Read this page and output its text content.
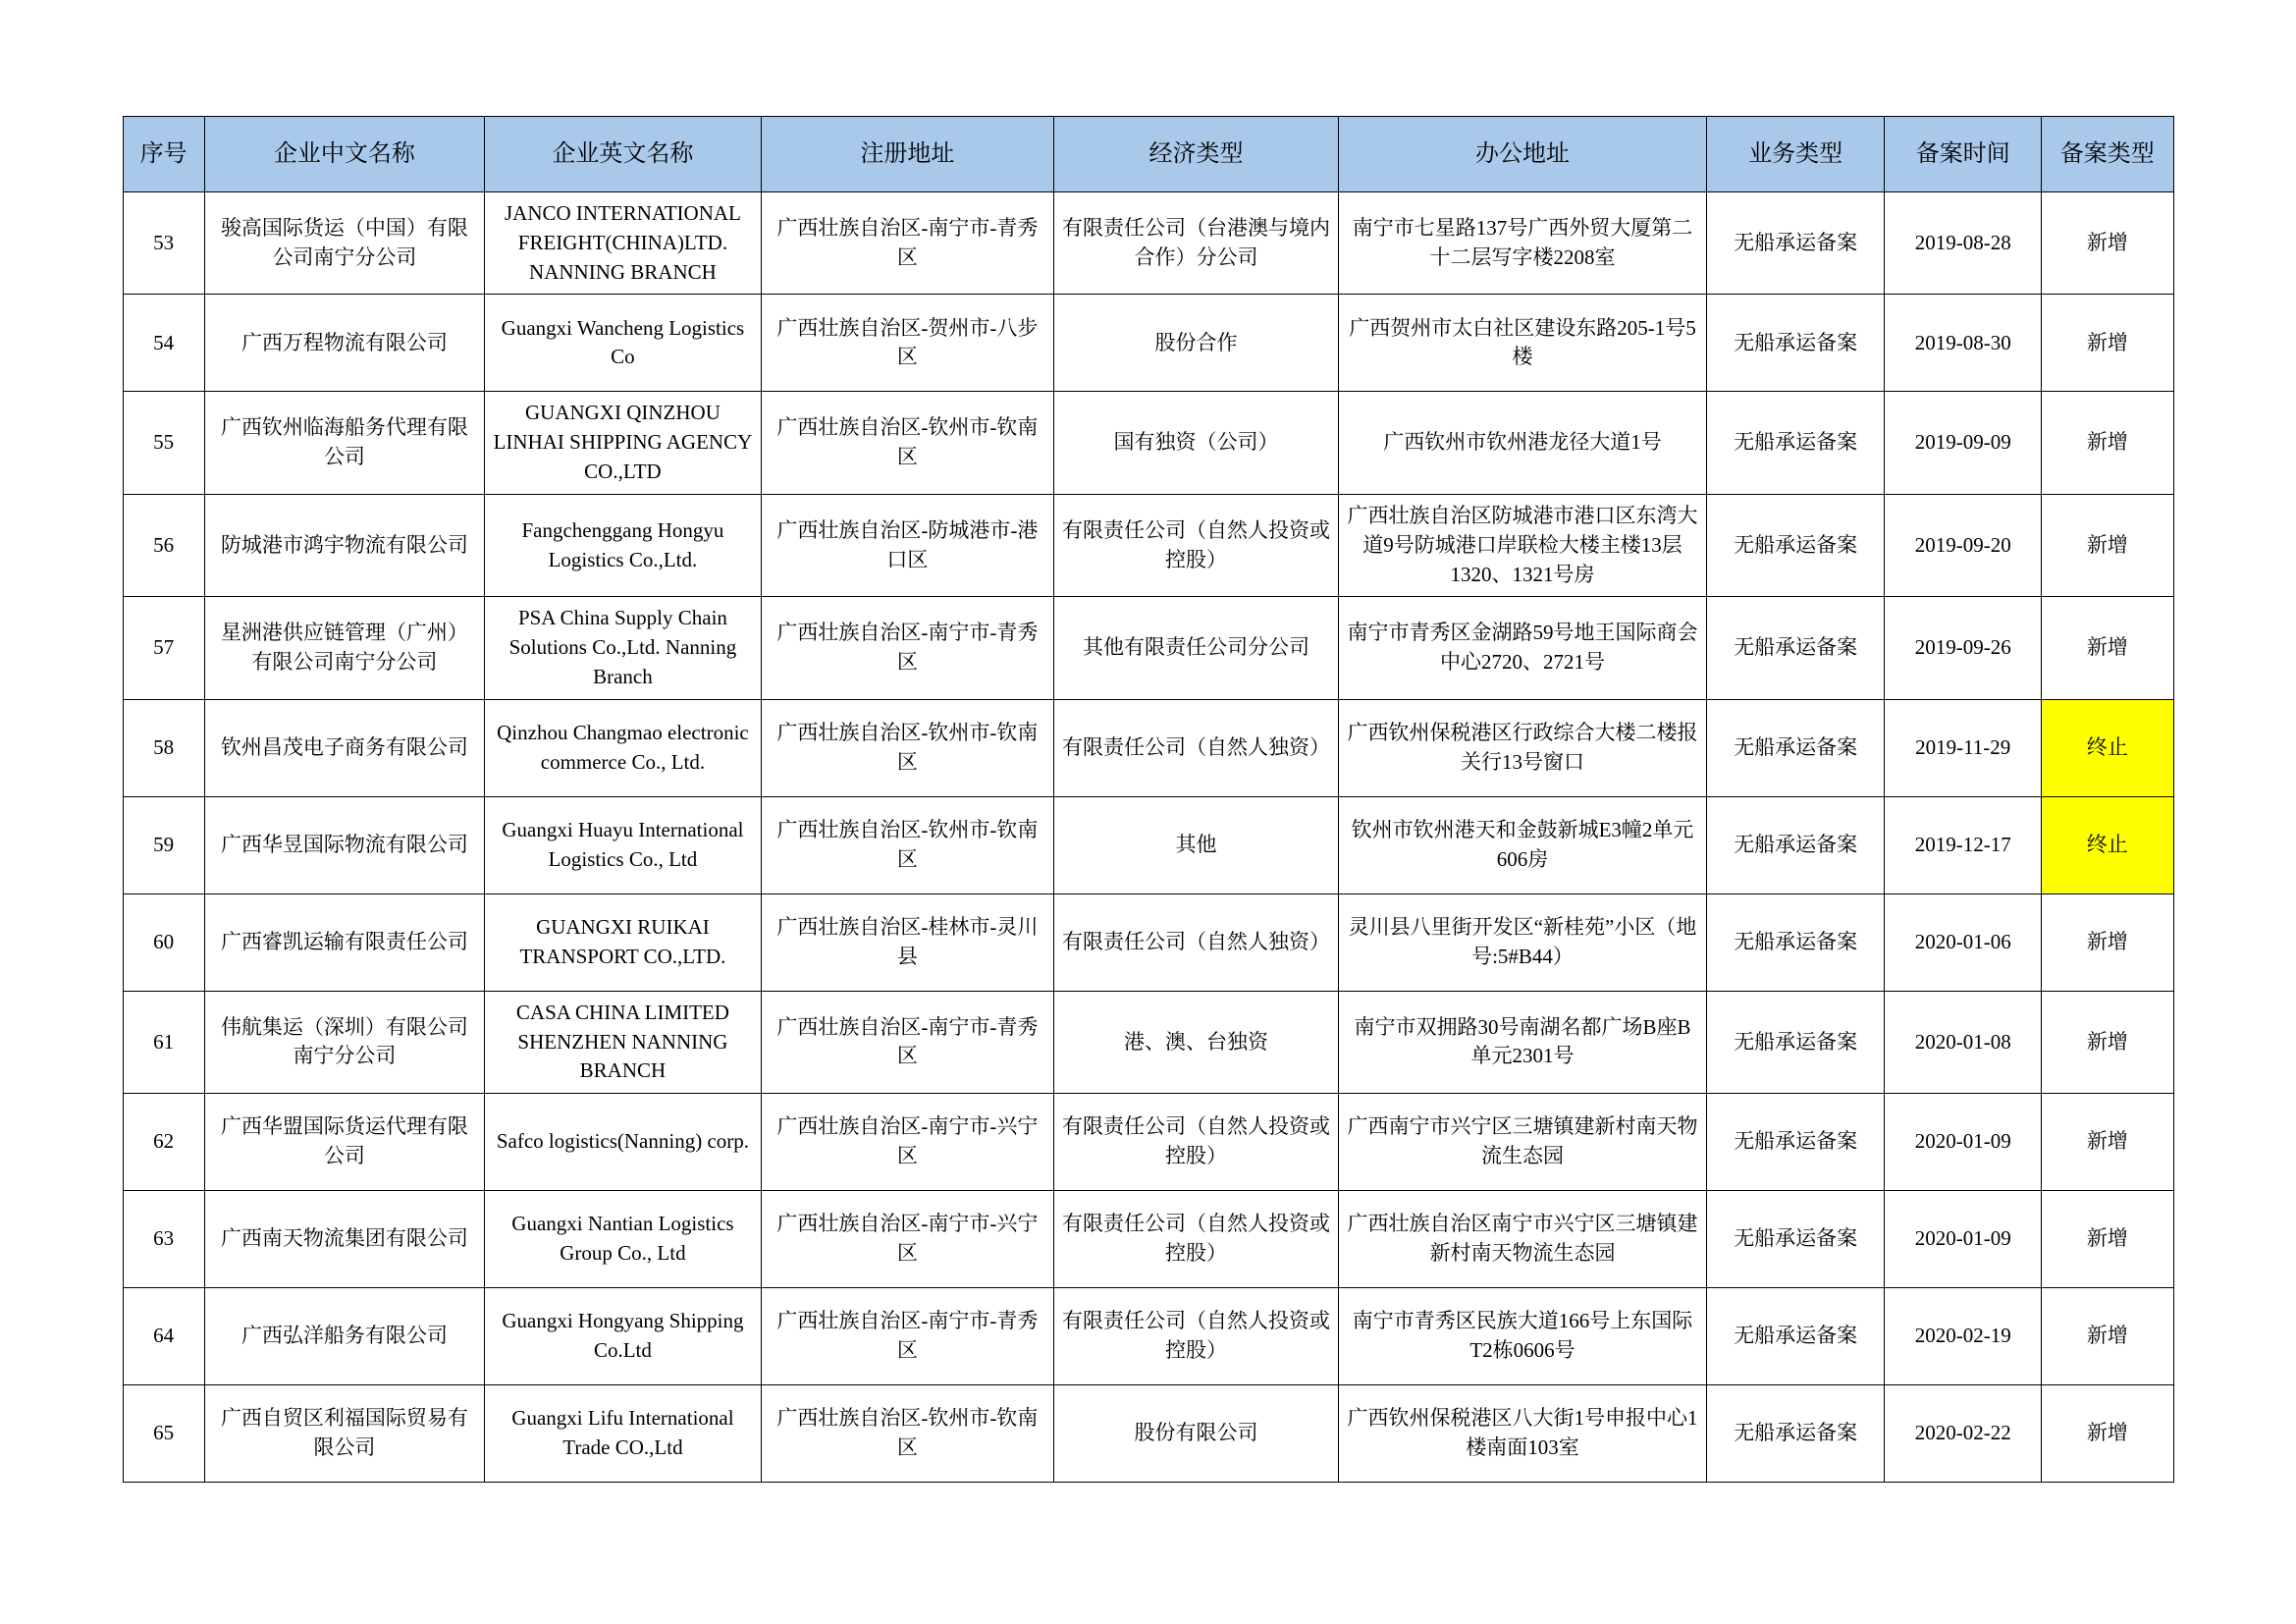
序号	企业中文名称	企业英文名称	注册地址	经济类型	办公地址	业务类型	备案时间	备案类型
53	骏高国际货运（中国）有限公司南宁分公司	JANCO INTERNATIONAL FREIGHT(CHINA)LTD. NANNING BRANCH	广西壮族自治区-南宁市-青秀区	有限责任公司（台港澳与境内合作）分公司	南宁市七星路137号广西外贸大厦第二十二层写字楼2208室	无船承运备案	2019-08-28	新增
54	广西万程物流有限公司	Guangxi Wancheng Logistics Co	广西壮族自治区-贺州市-八步区	股份合作	广西贺州市太白社区建设东路205-1号5楼	无船承运备案	2019-08-30	新增
55	广西钦州临海船务代理有限公司	GUANGXI QINZHOU LINHAI SHIPPING AGENCY CO.,LTD	广西壮族自治区-钦州市-钦南区	国有独资（公司）	广西钦州市钦州港龙径大道1号	无船承运备案	2019-09-09	新增
56	防城港市鸿宇物流有限公司	Fangchenggang Hongyu Logistics Co.,Ltd.	广西壮族自治区-防城港市-港口区	有限责任公司（自然人投资或控股）	广西壮族自治区防城港市港口区东湾大道9号防城港口岸联检大楼主楼13层1320、1321号房	无船承运备案	2019-09-20	新增
57	星洲港供应链管理（广州）有限公司南宁分公司	PSA China Supply Chain Solutions Co.,Ltd. Nanning Branch	广西壮族自治区-南宁市-青秀区	其他有限责任公司分公司	南宁市青秀区金湖路59号地王国际商会中心2720、2721号	无船承运备案	2019-09-26	新增
58	钦州昌茂电子商务有限公司	Qinzhou Changmao electronic commerce Co., Ltd.	广西壮族自治区-钦州市-钦南区	有限责任公司（自然人独资）	广西钦州保税港区行政综合大楼二楼报关行13号窗口	无船承运备案	2019-11-29	终止
59	广西华昱国际物流有限公司	Guangxi Huayu International Logistics Co., Ltd	广西壮族自治区-钦州市-钦南区	其他	钦州市钦州港天和金鼓新城E3幢2单元606房	无船承运备案	2019-12-17	终止
60	广西睿凯运输有限责任公司	GUANGXI RUIKAI TRANSPORT CO.,LTD.	广西壮族自治区-桂林市-灵川县	有限责任公司（自然人独资）	灵川县八里街开发区“新桂苑”小区（地号:5#B44）	无船承运备案	2020-01-06	新增
61	伟航集运（深圳）有限公司南宁分公司	CASA CHINA LIMITED SHENZHEN NANNING BRANCH	广西壮族自治区-南宁市-青秀区	港、澳、台独资	南宁市双拥路30号南湖名都广场B座B单元2301号	无船承运备案	2020-01-08	新增
62	广西华盟国际货运代理有限公司	Safco logistics(Nanning) corp.	广西壮族自治区-南宁市-兴宁区	有限责任公司（自然人投资或控股）	广西南宁市兴宁区三塘镇建新村南天物流生态园	无船承运备案	2020-01-09	新增
63	广西南天物流集团有限公司	Guangxi Nantian Logistics Group Co., Ltd	广西壮族自治区-南宁市-兴宁区	有限责任公司（自然人投资或控股）	广西壮族自治区南宁市兴宁区三塘镇建新村南天物流生态园	无船承运备案	2020-01-09	新增
64	广西弘洋船务有限公司	Guangxi Hongyang Shipping Co.Ltd	广西壮族自治区-南宁市-青秀区	有限责任公司（自然人投资或控股）	南宁市青秀区民族大道166号上东国际T2栋0606号	无船承运备案	2020-02-19	新增
65	广西自贸区利福国际贸易有限公司	Guangxi Lifu International Trade CO.,Ltd	广西壮族自治区-钦州市-钦南区	股份有限公司	广西钦州保税港区八大街1号申报中心1楼南面103室	无船承运备案	2020-02-22	新增
